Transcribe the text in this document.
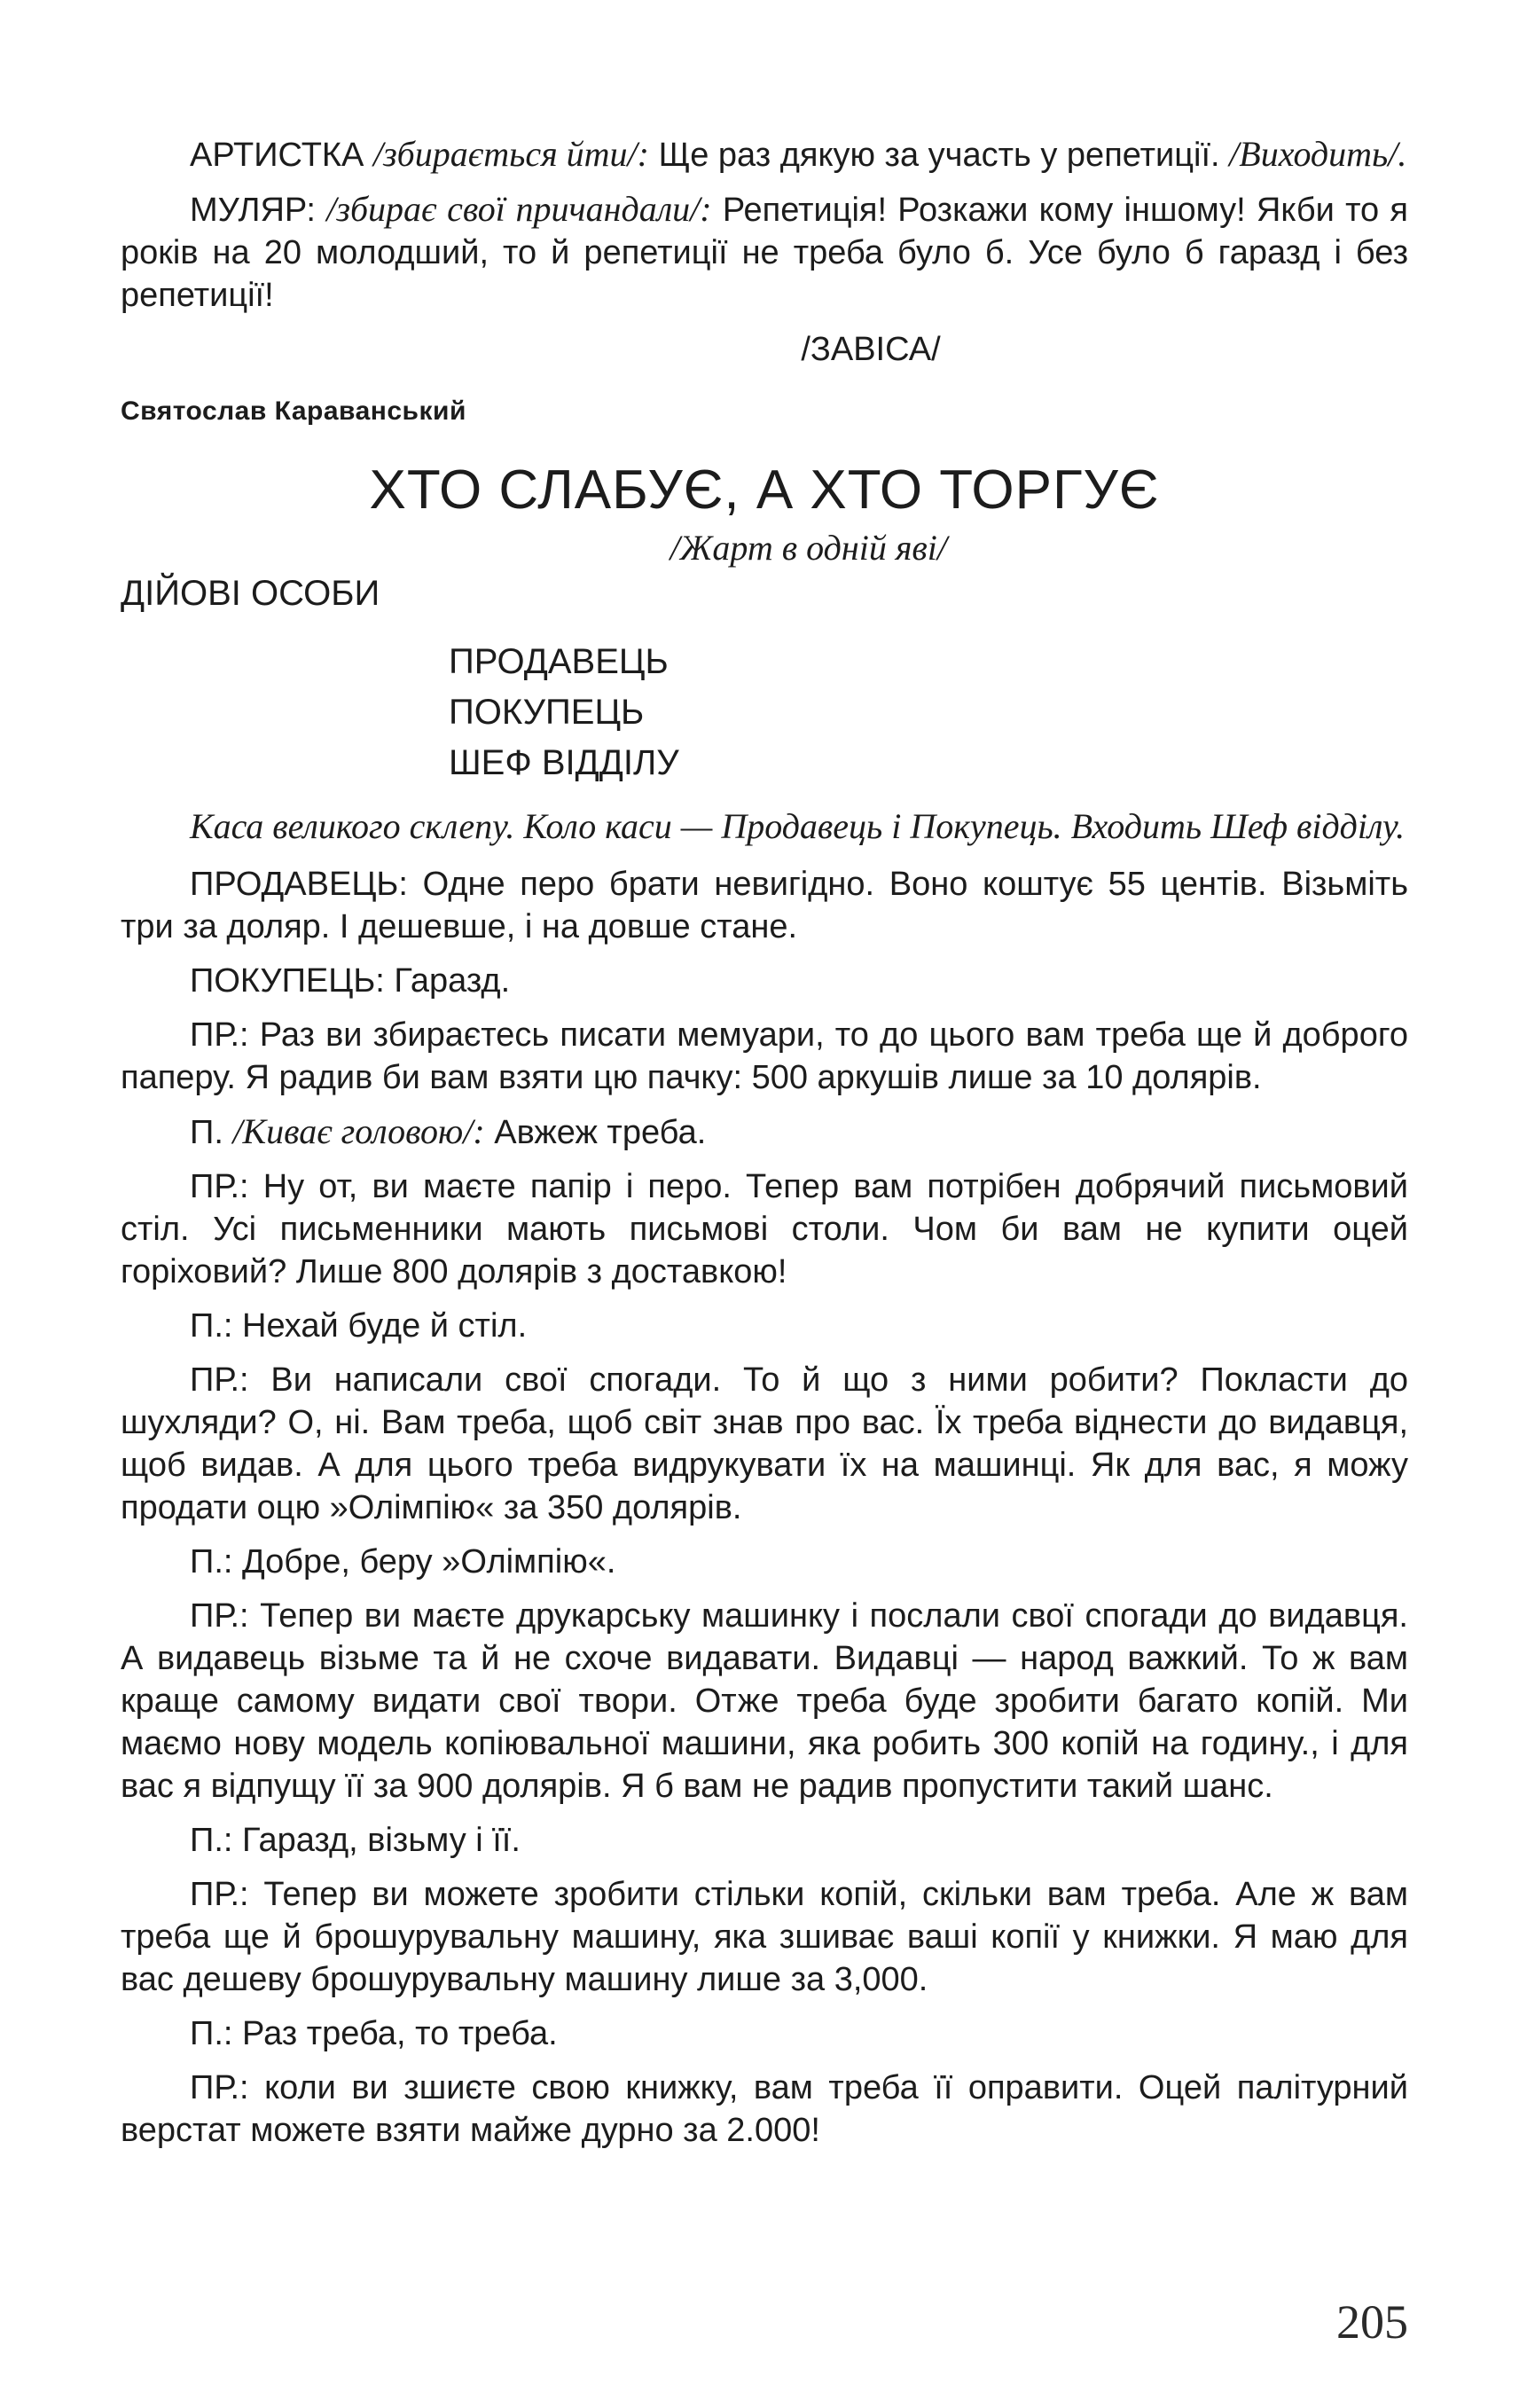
АРТИСТКА /збирається йти/: Ще раз дякую за участь у репетиції. /Виходить/.

МУЛЯР: /збирає свої причандали/: Репетиція! Розкажи кому іншому! Якби то я років на 20 молодший, то й репетиції не треба було б. Усе було б гаразд і без репетиції!

/ЗАВІСА/

Святослав Караванський

ХТО СЛАБУЄ, А ХТО ТОРГУЄ

/Жарт в одній яві/

ДІЙОВІ ОСОБИ

ПРОДАВЕЦЬ
ПОКУПЕЦЬ
ШЕФ ВІДДІЛУ

Каса великого склепу. Коло каси — Продавець і Покупець. Входить Шеф відділу.

ПРОДАВЕЦЬ: Одне перо брати невигідно. Воно коштує 55 центів. Візьміть три за доляр. І дешевше, і на довше стане.

ПОКУПЕЦЬ: Гаразд.

ПР.: Раз ви збираєтесь писати мемуари, то до цього вам треба ще й доброго паперу. Я радив би вам взяти цю пачку: 500 аркушів лише за 10 долярів.

П. /Киває головою/: Авжеж треба.

ПР.: Ну от, ви маєте папір і перо. Тепер вам потрібен добрячий письмовий стіл. Усі письменники мають письмові столи. Чом би вам не купити оцей горіховий? Лише 800 долярів з доставкою!

П.: Нехай буде й стіл.

ПР.: Ви написали свої спогади. То й що з ними робити? Покласти до шухляди? О, ні. Вам треба, щоб світ знав про вас. Їх треба віднести до видавця, щоб видав. А для цього треба видрукувати їх на машинці. Як для вас, я можу продати оцю »Олімпію« за 350 долярів.

П.: Добре, беру »Олімпію«.

ПР.: Тепер ви маєте друкарську машинку і послали свої спогади до видавця. А видавець візьме та й не схоче видавати. Видавці — народ важкий. То ж вам краще самому видати свої твори. Отже треба буде зробити багато копій. Ми маємо нову модель копіювальної машини, яка робить 300 копій на годину., і для вас я відпущу її за 900 долярів. Я б вам не радив пропустити такий шанс.

П.: Гаразд, візьму і її.

ПР.: Тепер ви можете зробити стільки копій, скільки вам треба. Але ж вам треба ще й брошурувальну машину, яка зшиває ваші копії у книжки. Я маю для вас дешеву брошурувальну машину лише за 3,000.

П.: Раз треба, то треба.

ПР.: коли ви зшиєте свою книжку, вам треба її оправити. Оцей палітурний верстат можете взяти майже дурно за 2.000!

205
